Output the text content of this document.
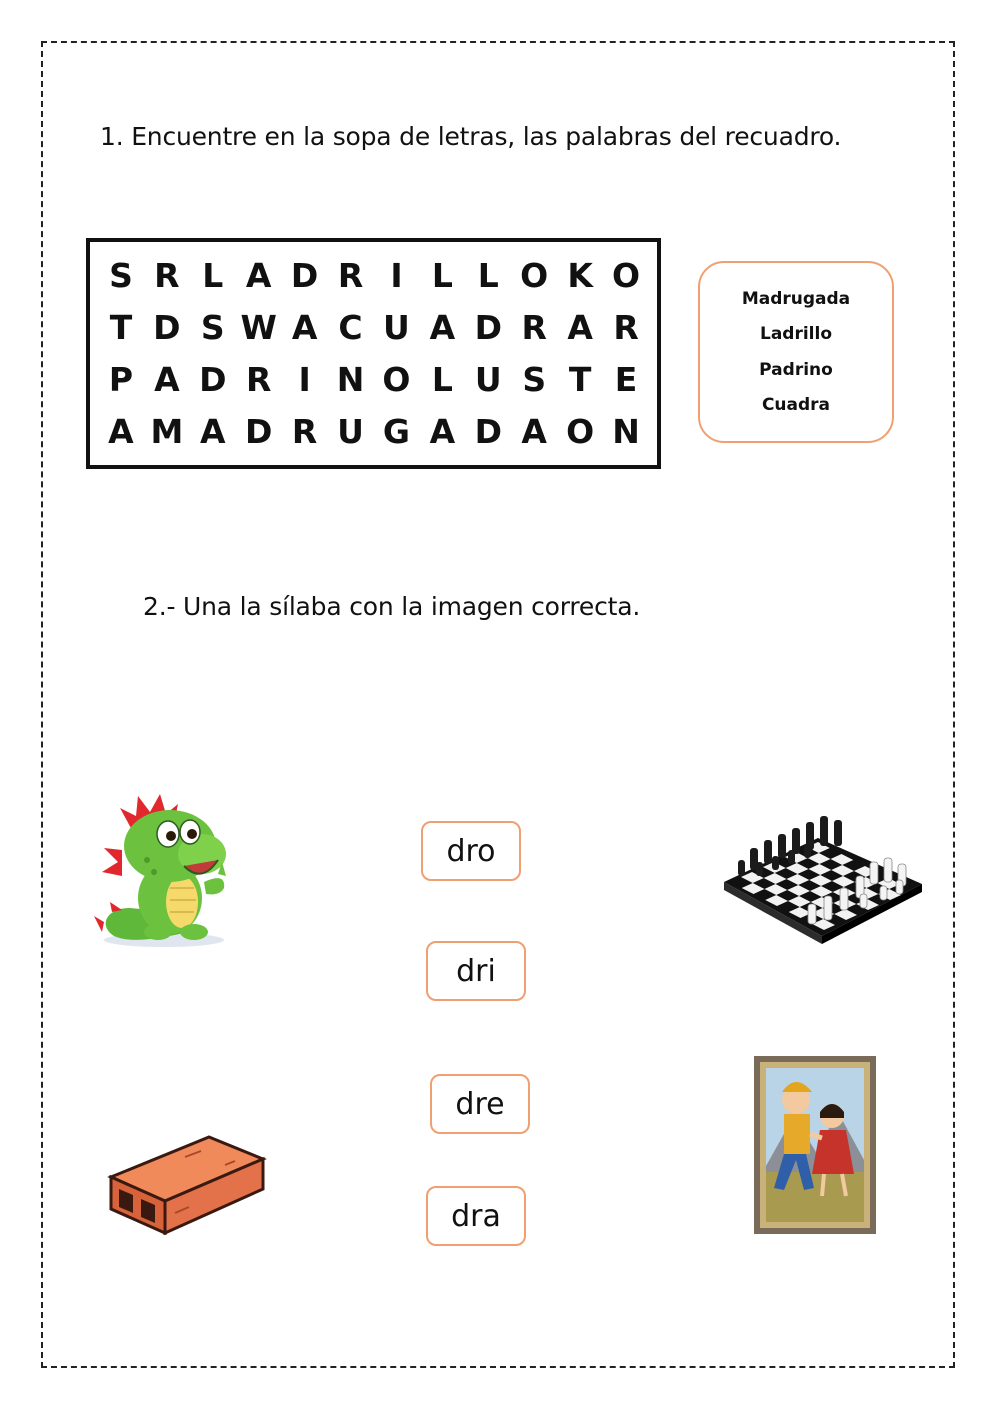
1. Encuentre en la sopa de letras, las palabras del recuadro.
S R L A D R I L L O K O
T D S W A C U A D R A R
P A D R I N O L U S T E
A M A D R U G A D A O N
Madrugada
Ladrillo
Padrino
Cuadra
2.- Una la sílaba con la imagen correcta.
dro
dri
dre
dra
